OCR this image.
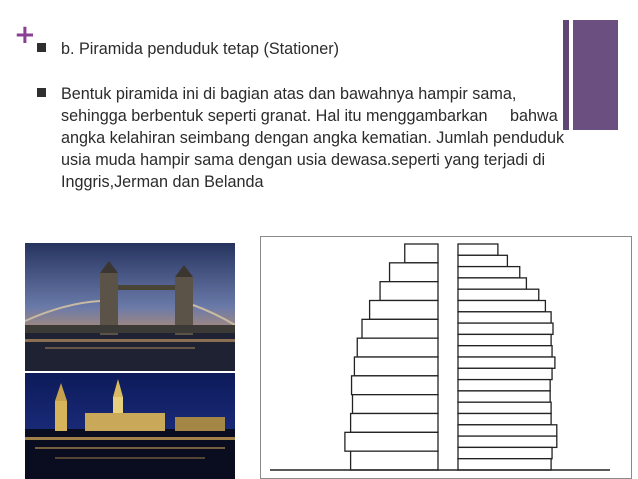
+ b. Piramida penduduk tetap (Stationer)

Bentuk piramida ini di bagian atas dan bawahnya hampir sama,
sehingga berbentuk seperti granat. Hal itu menggambarkan     bahwa
angka kelahiran seimbang dengan angka kematian. Jumlah penduduk
usia muda hampir sama dengan usia dewasa.seperti yang terjadi di
Inggris,Jerman dan Belanda
